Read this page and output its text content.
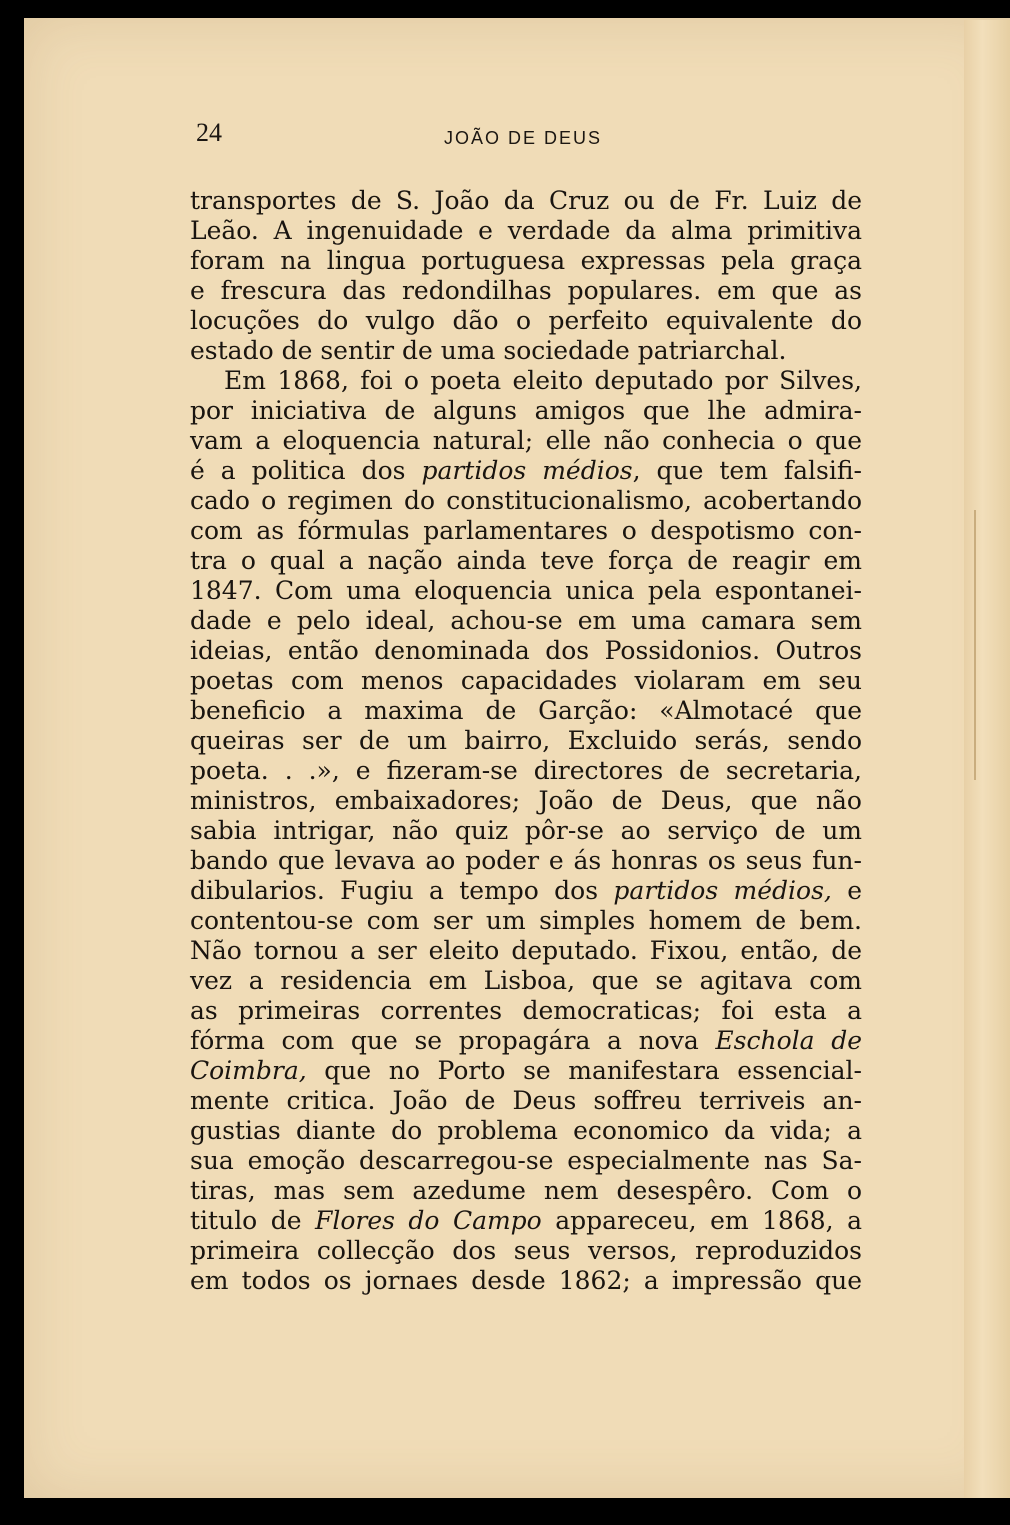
24	JOÃO DE DEUS
transportes de S. João da Cruz ou de Fr. Luiz de
Leão. A ingenuidade e verdade da alma primitiva
foram na lingua portuguesa expressas pela graça
e frescura das redondilhas populares. em que as
locuções do vulgo dão o perfeito equivalente do
estado de sentir de uma sociedade patriarchal.
Em 1868, foi o poeta eleito deputado por Silves,
por iniciativa de alguns amigos que lhe admira-
vam a eloquencia natural; elle não conhecia o que
é a politica dos partidos médios, que tem falsifi-
cado o regimen do constitucionalismo, acobertando
com as fórmulas parlamentares o despotismo con-
tra o qual a nação ainda teve força de reagir em
1847. Com uma eloquencia unica pela espontanei-
dade e pelo ideal, achou-se em uma camara sem
ideias, então denominada dos Possidonios. Outros
poetas com menos capacidades violaram em seu
beneficio a maxima de Garção: «Almotacé que
queiras ser de um bairro, Excluido serás, sendo
poeta. . .», e fizeram-se directores de secretaria,
ministros, embaixadores; João de Deus, que não
sabia intrigar, não quiz pôr-se ao serviço de um
bando que levava ao poder e ás honras os seus fun-
dibularios. Fugiu a tempo dos partidos médios, e
contentou-se com ser um simples homem de bem.
Não tornou a ser eleito deputado. Fixou, então, de
vez a residencia em Lisboa, que se agitava com
as primeiras correntes democraticas; foi esta a
fórma com que se propagára a nova Eschola de
Coimbra, que no Porto se manifestara essencial-
mente critica. João de Deus soffreu terriveis an-
gustias diante do problema economico da vida; a
sua emoção descarregou-se especialmente nas Sa-
tiras, mas sem azedume nem desespêro. Com o
titulo de Flores do Campo appareceu, em 1868, a
primeira collecção dos seus versos, reproduzidos
em todos os jornaes desde 1862; a impressão que
